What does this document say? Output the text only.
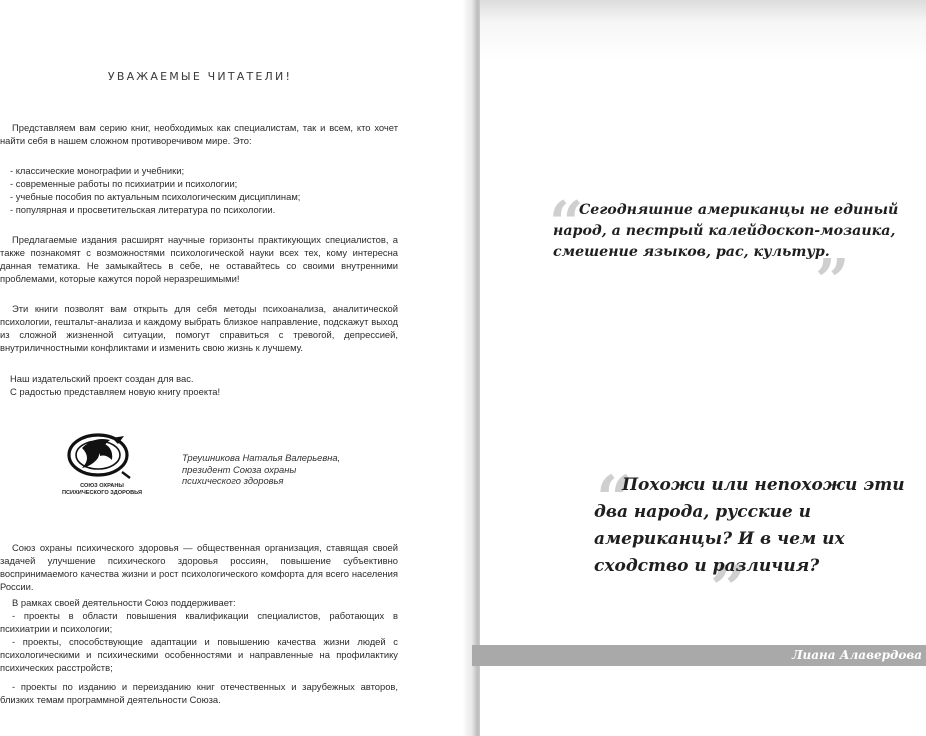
УВАЖАЕМЫЕ ЧИТАТЕЛИ!

Представляем вам серию книг, необходимых как специалистам, так и всем, кто хочет найти себя в нашем сложном противоречивом мире. Это:

- классические монографии и учебники;
- современные работы по психиатрии и психологии;
- учебные пособия по актуальным психологическим дисциплинам;
- популярная и просветительская литература по психологии.

Предлагаемые издания расширят научные горизонты практикующих специалистов, а также познакомят с возможностями психологической науки всех тех, кому интересна данная тематика. Не замыкайтесь в себе, не оставайтесь со своими внутренними проблемами, которые кажутся порой неразрешимыми!

Эти книги позволят вам открыть для себя методы психоанализа, аналитической психологии, гештальт-анализа и каждому выбрать близкое направление, подскажут выход из сложной жизненной ситуации, помогут справиться с тревогой, депрессией, внутриличностными конфликтами и изменить свою жизнь к лучшему.

Наш издательский проект создан для вас.

С радостью представляем новую книгу проекта!

СОЮЗ ОХРАНЫ
ПСИХИЧЕСКОГО ЗДОРОВЬЯ
Треушникова Наталья Валерьевна,
президент Союза охраны
психического здоровья

Союз охраны психического здоровья — общественная организация, ставящая своей задачей улучшение психического здоровья россиян, повышение субъективно воспринимаемого качества жизни и рост психологического комфорта для всего населения России.

В рамках своей деятельности Союз поддерживает:

- проекты в области повышения квалификации специалистов, работающих в психиатрии и психологии;

- проекты, способствующие адаптации и повышению качества жизни людей с психологическими и психическими особенностями и направленные на профилактику психических расстройств;

- проекты по изданию и переизданию книг отечественных и зарубежных авторов, близких темам программной деятельности Союза.

“
”
Сегодняшние американцы не единый народ, а пестрый калейдоскоп-мозаика, смешение языков, рас, культур.
“
”
Похожи или непохожи эти два народа, русские и американцы? И в чем их сходство и различия?
Лиана Алавердова
